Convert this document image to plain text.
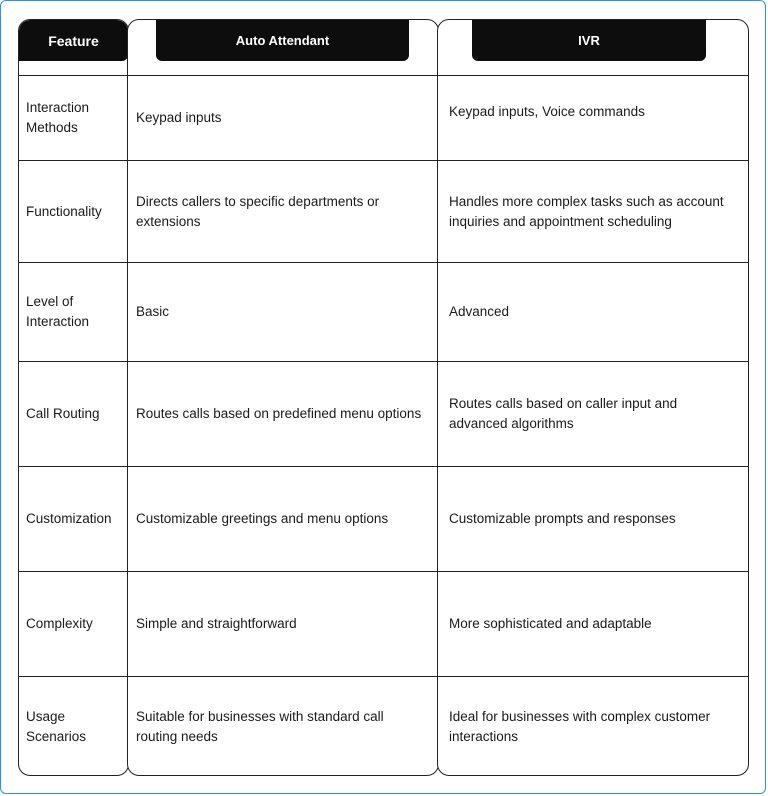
Feature
Interaction Methods
Functionality
Level of Interaction
Call Routing
Customization
Complexity
Usage Scenarios
Auto Attendant
Keypad inputs
Directs callers to specific departments or extensions
Basic
Routes calls based on predefined menu options
Customizable greetings and menu options
Simple and straightforward
Suitable for businesses with standard call routing needs
IVR
Keypad inputs, Voice commands
Handles more complex tasks such as account inquiries and appointment scheduling
Advanced
Routes calls based on caller input and advanced algorithms
Customizable prompts and responses
More sophisticated and adaptable
Ideal for businesses with complex customer interactions
